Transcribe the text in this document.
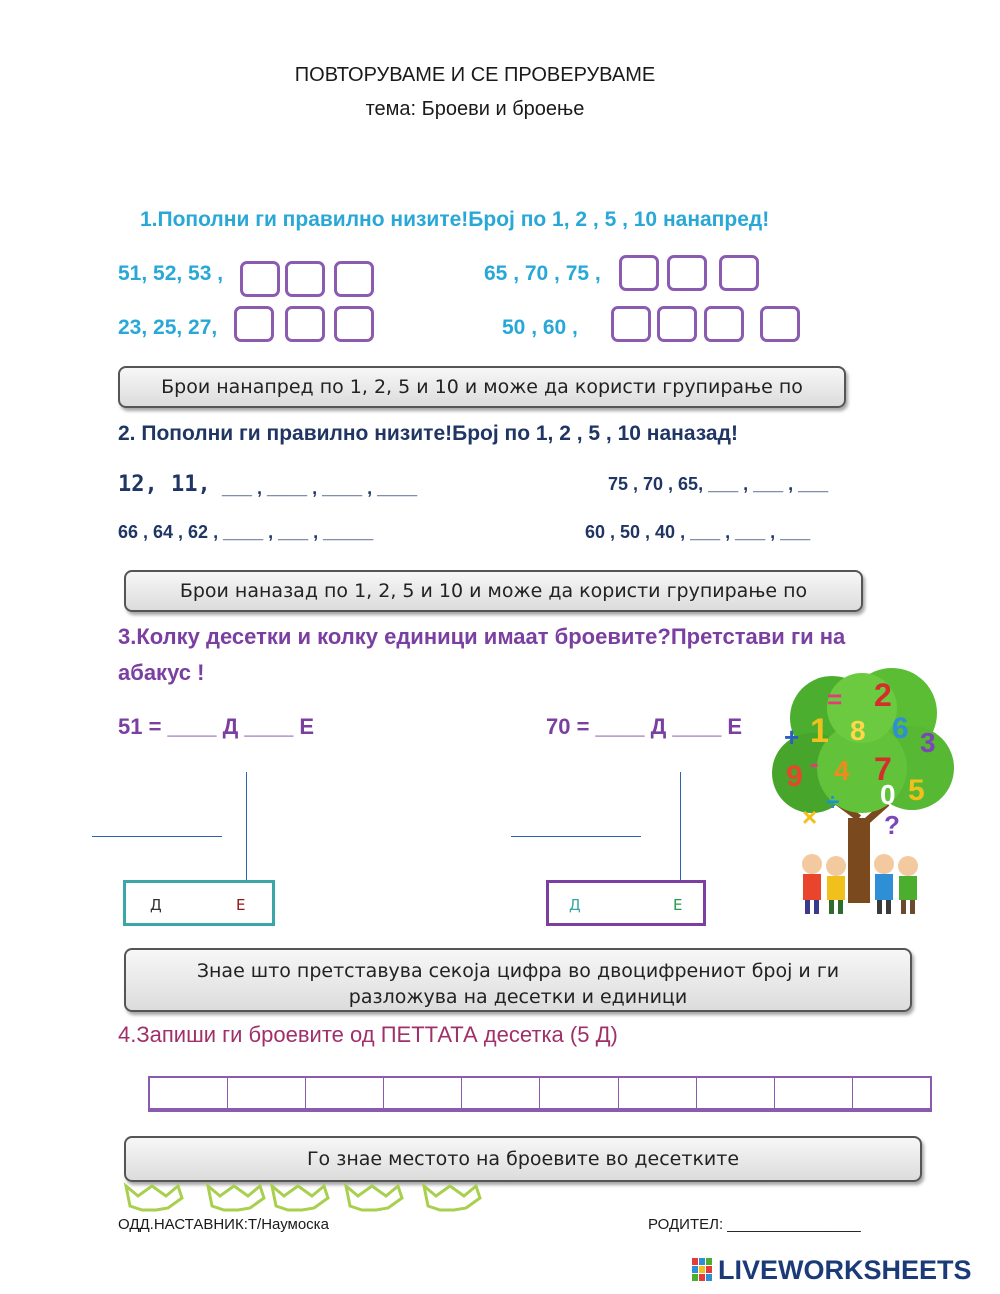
ПОВТОРУВАМЕ И СЕ ПРОВЕРУВАМЕ
тема: Броеви и броење
1.Пополни ги правилно низите!Број по 1, 2 , 5 , 10 нанапред!
51, 52, 53 ,
23, 25, 27,
65 , 70 , 75 ,
50 , 60 ,
Брои нанапред по 1, 2, 5 и 10 и може да користи групирање по
2. Пополни ги правилно низите!Број по 1, 2 , 5 , 10 наназад!
12, 11, ___ , ____ , ____ , ____
66 , 64 , 62 , ____ , ___ , _____
75 , 70 , 65, ___ , ___ , ___
60 , 50 , 40 , ___ , ___ , ___
Брои наназад по 1, 2, 5 и 10 и може да користи групирање по
3.Колку десетки и колку единици имаат броевите?Претстави ги на
абакус !
51 = ____ Д ____ Е	70 = ____ Д ____ Е
Д	Е	Д	Е
= 2
+ 1 8 6 3
9 - 4 7
÷ 0 5
×	?
Знае што претставува секоја цифра во двоцифрениот број и ги
разложува на десетки и единици
4.Запиши ги броевите од ПЕТТАТА десетка (5 Д)
Го знае местото на броевите во десетките
ОДД.НАСТАВНИК:Т/Наумоска	РОДИТЕЛ: ________________
LIVEWORKSHEETS
